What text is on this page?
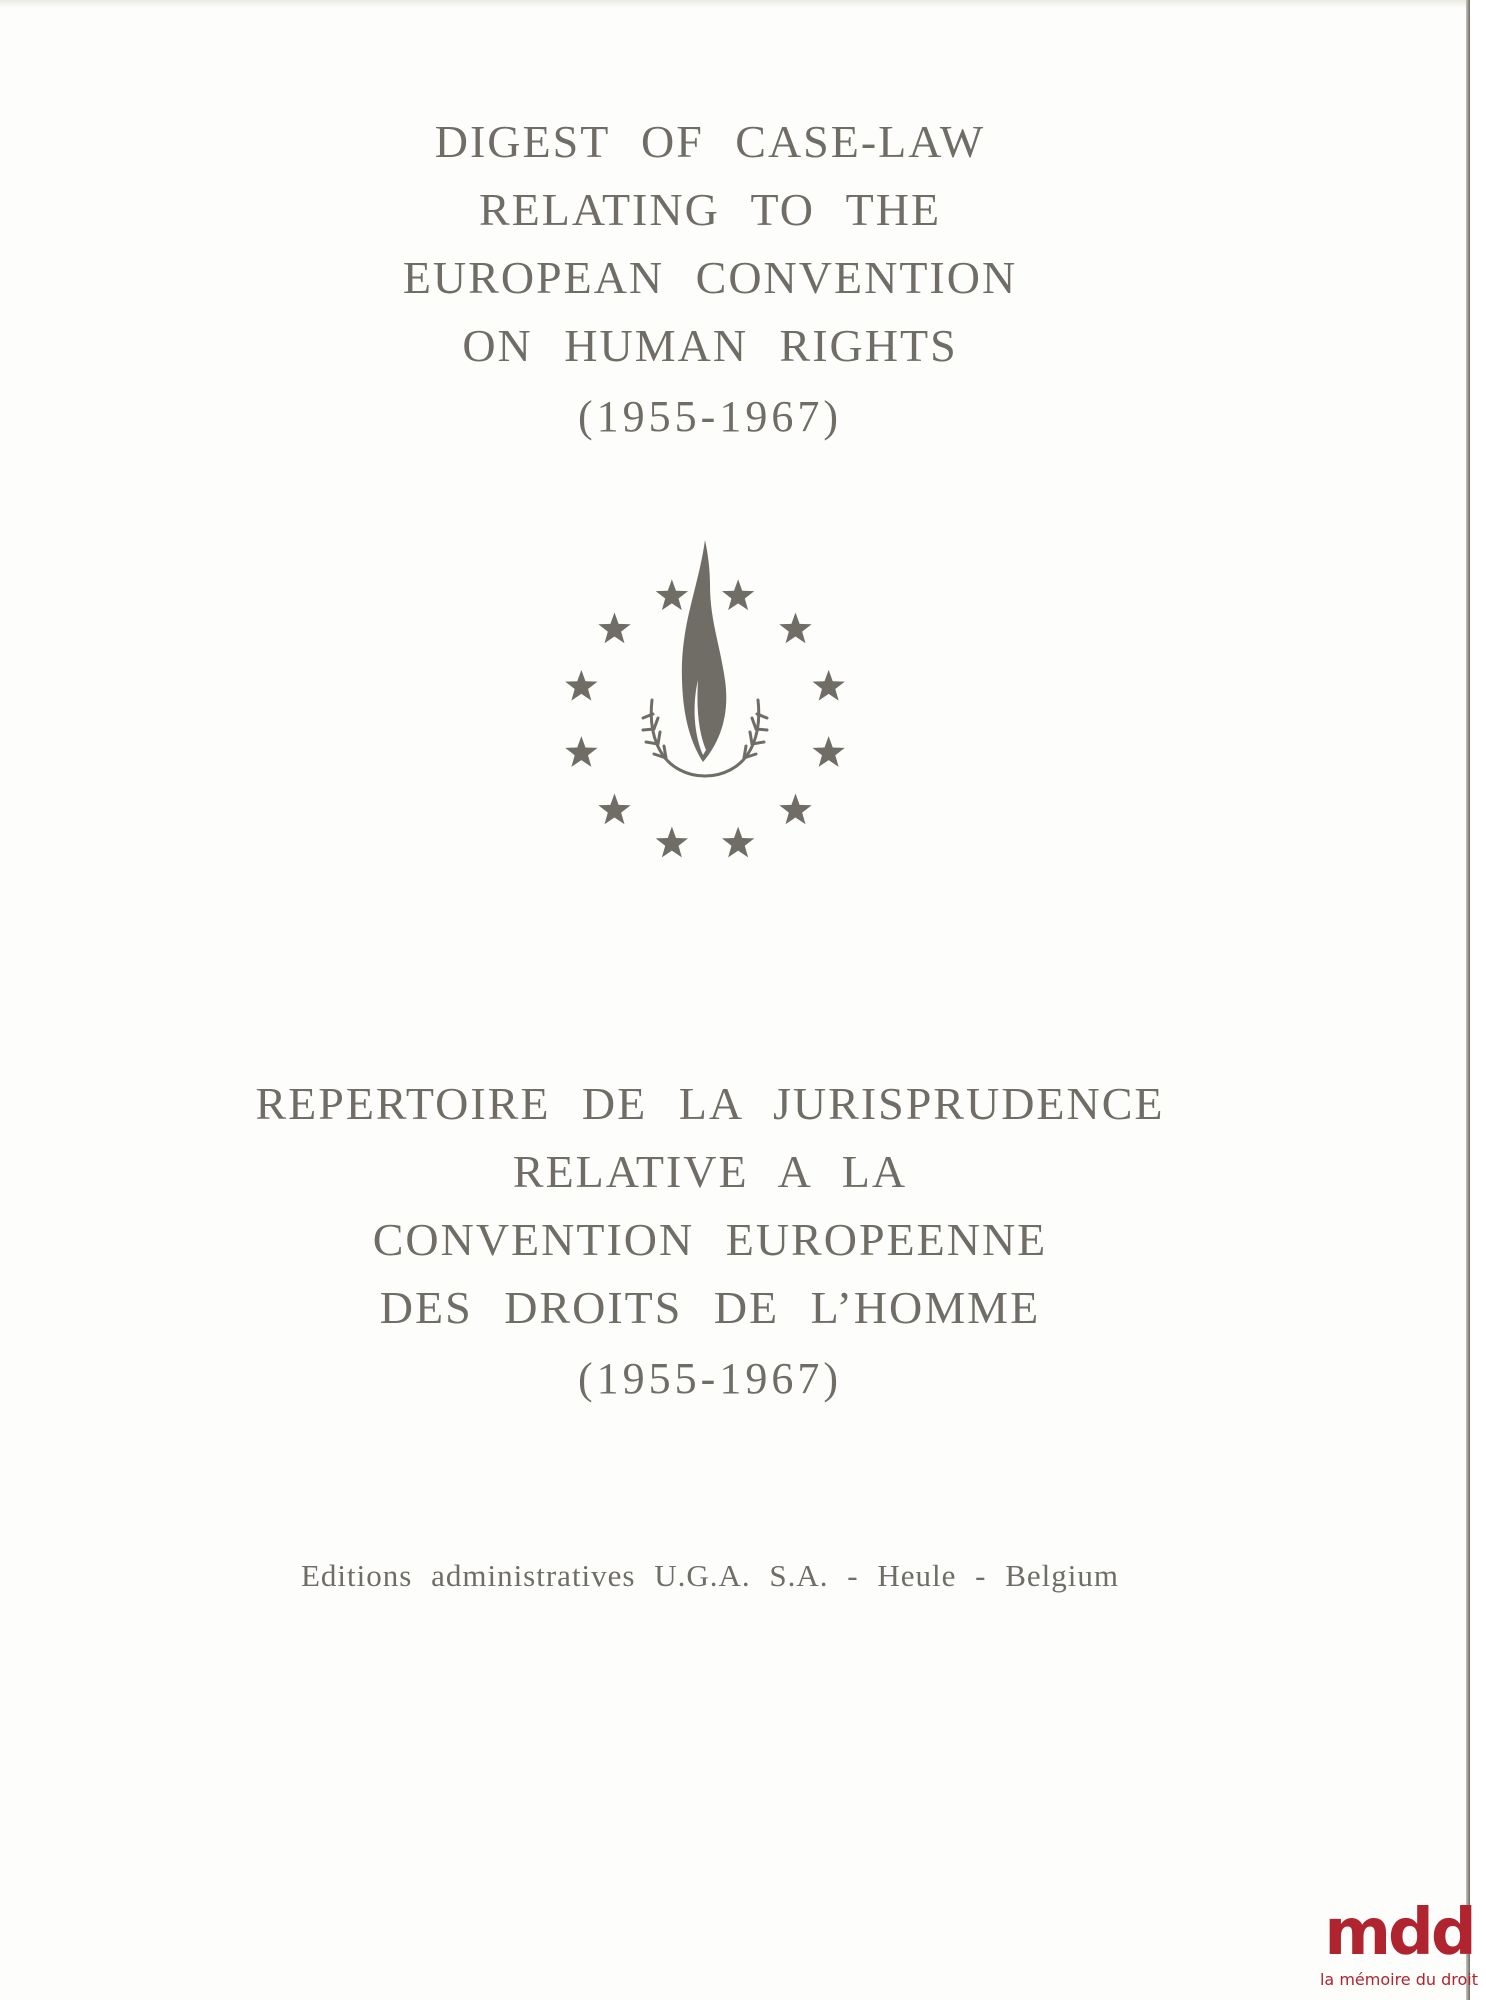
DIGEST OF CASE-LAW
RELATING TO THE
EUROPEAN CONVENTION
ON HUMAN RIGHTS
(1955-1967)
REPERTOIRE DE LA JURISPRUDENCE
RELATIVE A LA
CONVENTION EUROPEENNE
DES DROITS DE L’HOMME
(1955-1967)
Editions administratives U.G.A. S.A. - Heule - Belgium
mdd
la mémoire du droit
